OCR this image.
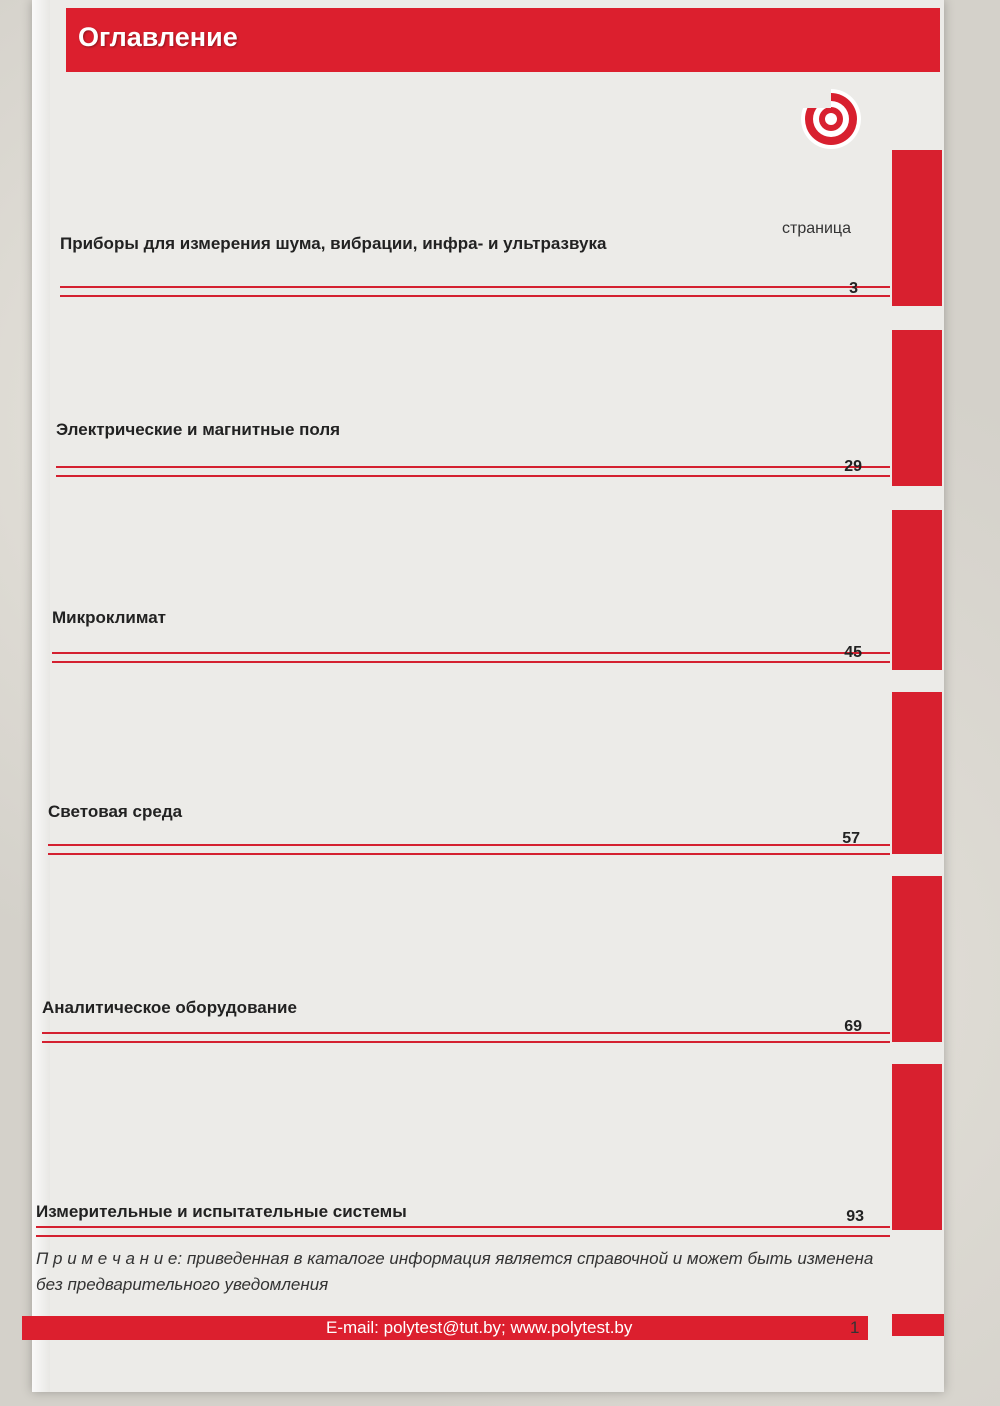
Оглавление
страница
Приборы для измерения шума, вибрации, инфра- и ультразвука
3
Электрические и магнитные поля
29
Микроклимат
45
Световая среда
57
Аналитическое оборудование
69
Измерительные и испытательные системы	93
П р и м е ч а н и е: приведенная в каталоге информация является справочной и может быть изменена без предварительного уведомления
E-mail: polytest@tut.by; www.polytest.by	1
